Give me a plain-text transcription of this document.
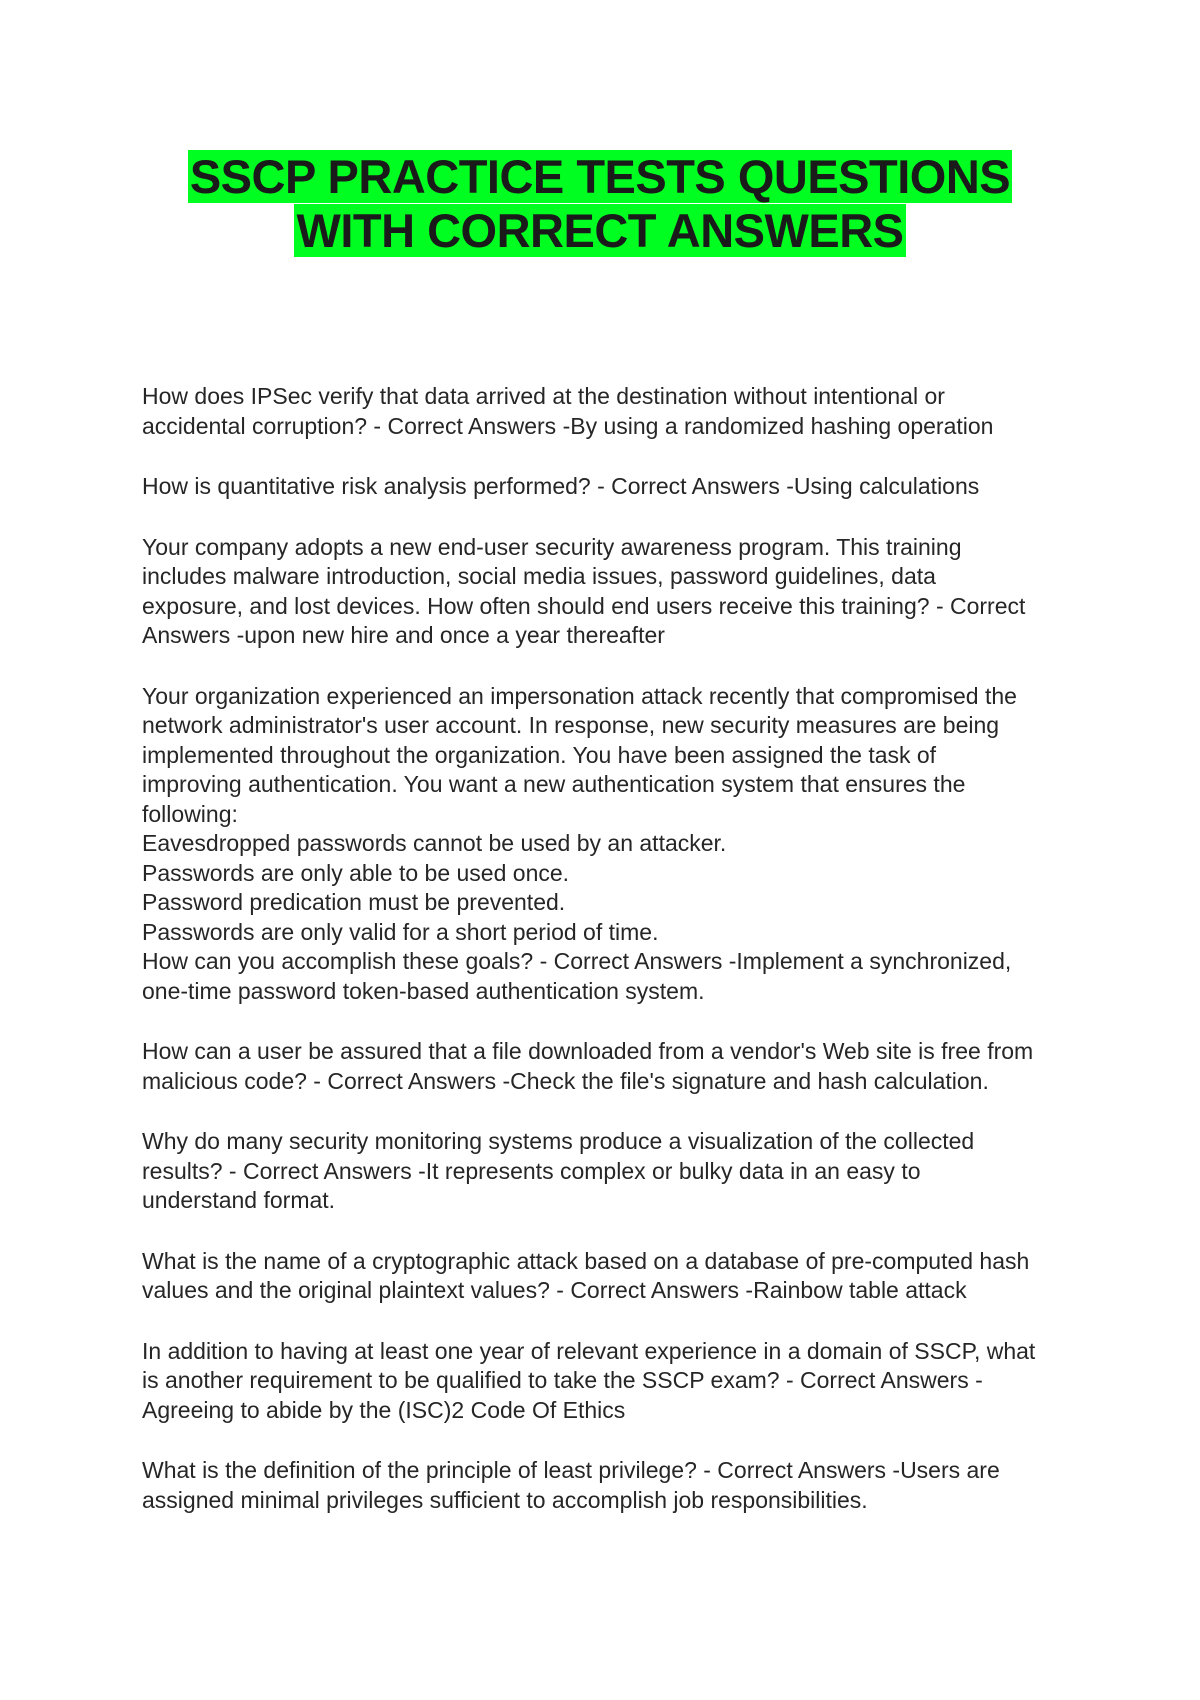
SSCP PRACTICE TESTS QUESTIONS
WITH CORRECT ANSWERS
How does IPSec verify that data arrived at the destination without intentional or
accidental corruption? - Correct Answers -By using a randomized hashing operation
How is quantitative risk analysis performed? - Correct Answers -Using calculations
Your company adopts a new end-user security awareness program. This training
includes malware introduction, social media issues, password guidelines, data
exposure, and lost devices. How often should end users receive this training? - Correct
Answers -upon new hire and once a year thereafter
Your organization experienced an impersonation attack recently that compromised the
network administrator's user account. In response, new security measures are being
implemented throughout the organization. You have been assigned the task of
improving authentication. You want a new authentication system that ensures the
following:
Eavesdropped passwords cannot be used by an attacker.
Passwords are only able to be used once.
Password predication must be prevented.
Passwords are only valid for a short period of time.
How can you accomplish these goals? - Correct Answers -Implement a synchronized,
one-time password token-based authentication system.
How can a user be assured that a file downloaded from a vendor's Web site is free from
malicious code? - Correct Answers -Check the file's signature and hash calculation.
Why do many security monitoring systems produce a visualization of the collected
results? - Correct Answers -It represents complex or bulky data in an easy to
understand format.
What is the name of a cryptographic attack based on a database of pre-computed hash
values and the original plaintext values? - Correct Answers -Rainbow table attack
In addition to having at least one year of relevant experience in a domain of SSCP, what
is another requirement to be qualified to take the SSCP exam? - Correct Answers -
Agreeing to abide by the (ISC)2 Code Of Ethics
What is the definition of the principle of least privilege? - Correct Answers -Users are
assigned minimal privileges sufficient to accomplish job responsibilities.
